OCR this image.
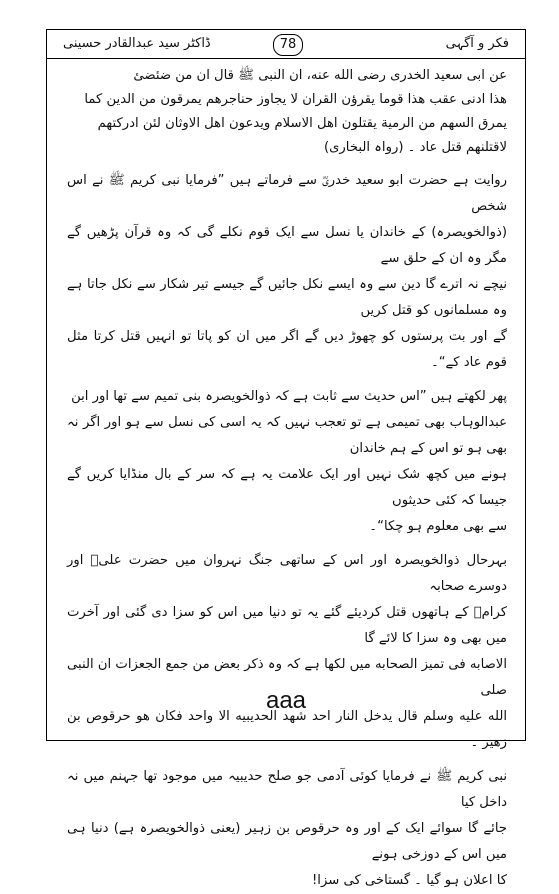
ڈاکٹر سید عبدالقادر حسینی	78	فکر و آگہی

عن ابی سعید الخدری رضی الله عنه، ان النبی ﷺ قال ان من ضئضئ

هذا ادنی عقب هذا قوما یقرؤن القران لا یجاوز حناجرهم یمرقون من الدین کما

یمرق السهم من الرمیة یقتلون اهل الاسلام ویدعون اهل الاوثان لئن ادرکتهم

لاقتلنهم قتل عاد ۔ (رواہ البخاری)

روایت ہے حضرت ابو سعید خدریؓ سے فرماتے ہیں ”فرمایا نبی کریم ﷺ نے اس شخص

(ذوالخویصرہ) کے خاندان یا نسل سے ایک قوم نکلے گی کہ وہ قرآن پڑھیں گے مگر وہ ان کے حلق سے

نیچے نہ اترے گا دین سے وہ ایسے نکل جائیں گے جیسے تیر شکار سے نکل جاتا ہے وہ مسلمانوں کو قتل کریں

گے اور بت پرستوں کو چھوڑ دیں گے اگر میں ان کو پاتا تو انہیں قتل کرتا مثل قوم عاد کے“۔

پھر لکھتے ہیں ”اس حدیث سے ثابت ہے کہ ذوالخویصرہ بنی تمیم سے تھا اور ابن

عبدالوہاب بھی تمیمی ہے تو تعجب نہیں کہ یہ اسی کی نسل سے ہو اور اگر نہ بھی ہو تو اس کے ہم خاندان

ہونے میں کچھ شک نہیں اور ایک علامت یہ ہے کہ سر کے بال منڈایا کریں گے جیسا کہ کئی حدیثوں

سے بھی معلوم ہو چکا“۔

بہرحال ذوالخویصرہ اور اس کے ساتھی جنگ نہروان میں حضرت علیؓ اور دوسرے صحابہ

کرامؓ کے ہاتھوں قتل کردیئے گئے یہ تو دنیا میں اس کو سزا دی گئی اور آخرت میں بھی وہ سزا کا لائے گا

الاصابه فی تمیز الصحابه میں لکھا ہے کہ وہ ذکر بعض من جمع الجعزات ان النبی صلی

الله علیه وسلم قال یدخل النار احد شهد الحدیبیه الا واحد فکان هو حرقوص بن زهیر ۔

نبی کریم ﷺ نے فرمایا کوئی آدمی جو صلح حدیبیہ میں موجود تھا جہنم میں نہ داخل کیا

جائے گا سوائے ایک کے اور وہ حرقوص بن زہیر (یعنی ذوالخویصرہ ہے) دنیا ہی میں اس کے دوزخی ہونے

کا اعلان ہو گیا ۔ گستاخی کی سزا!

aaa
